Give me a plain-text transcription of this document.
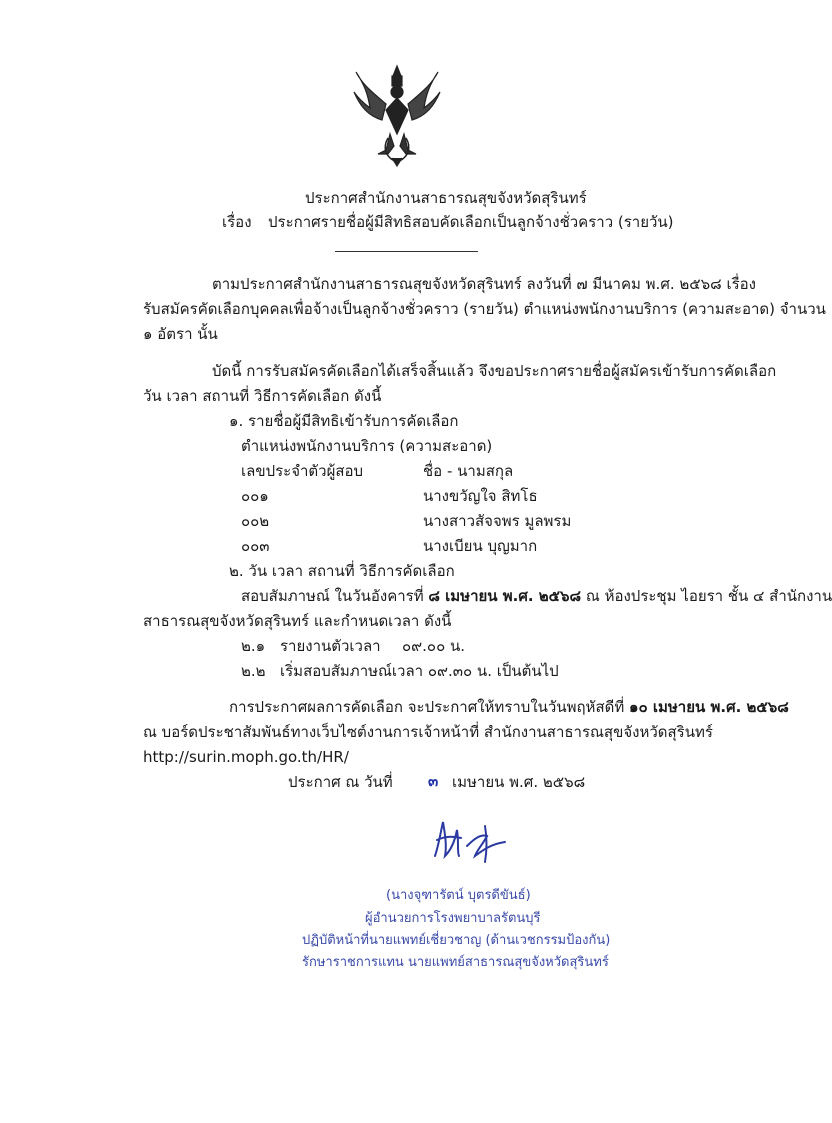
ประกาศสำนักงานสาธารณสุขจังหวัดสุรินทร์
เรื่อง ประกาศรายชื่อผู้มีสิทธิสอบคัดเลือกเป็นลูกจ้างชั่วคราว (รายวัน)
ตามประกาศสำนักงานสาธารณสุขจังหวัดสุรินทร์ ลงวันที่ ๗ มีนาคม พ.ศ. ๒๕๖๘ เรื่อง
รับสมัครคัดเลือกบุคคลเพื่อจ้างเป็นลูกจ้างชั่วคราว (รายวัน) ตำแหน่งพนักงานบริการ (ความสะอาด) จำนวน
๑ อัตรา นั้น
บัดนี้ การรับสมัครคัดเลือกได้เสร็จสิ้นแล้ว จึงขอประกาศรายชื่อผู้สมัครเข้ารับการคัดเลือก
วัน เวลา สถานที่ วิธีการคัดเลือก ดังนี้
๑. รายชื่อผู้มีสิทธิเข้ารับการคัดเลือก
ตำแหน่งพนักงานบริการ (ความสะอาด)
เลขประจำตัวผู้สอบ	ชื่อ - นามสกุล
๐๐๑	นางขวัญใจ สิทโธ
๐๐๒	นางสาวสัจจพร มูลพรม
๐๐๓	นางเบียน บุญมาก
๒. วัน เวลา สถานที่ วิธีการคัดเลือก
สอบสัมภาษณ์ ในวันอังคารที่ ๘ เมษายน พ.ศ. ๒๕๖๘ ณ ห้องประชุม ไอยรา ชั้น ๔ สำนักงาน
สาธารณสุขจังหวัดสุรินทร์ และกำหนดเวลา ดังนี้
๒.๑ รายงานตัวเวลา ๐๙.๐๐ น.
๒.๒ เริ่มสอบสัมภาษณ์เวลา ๐๙.๓๐ น. เป็นต้นไป
การประกาศผลการคัดเลือก จะประกาศให้ทราบในวันพฤหัสดีที่ ๑๐ เมษายน พ.ศ. ๒๕๖๘
ณ บอร์ดประชาสัมพันธ์ทางเว็บไซต์งานการเจ้าหน้าที่ สำนักงานสาธารณสุขจังหวัดสุรินทร์
http://surin.moph.go.th/HR/
ประกาศ ณ วันที่ ๓ เมษายน พ.ศ. ๒๕๖๘
(นางจุฑารัตน์ บุตรดีขันธ์)
ผู้อำนวยการโรงพยาบาลรัตนบุรี
ปฏิบัติหน้าที่นายแพทย์เชี่ยวชาญ (ด้านเวชกรรมป้องกัน)
รักษาราชการแทน นายแพทย์สาธารณสุขจังหวัดสุรินทร์
